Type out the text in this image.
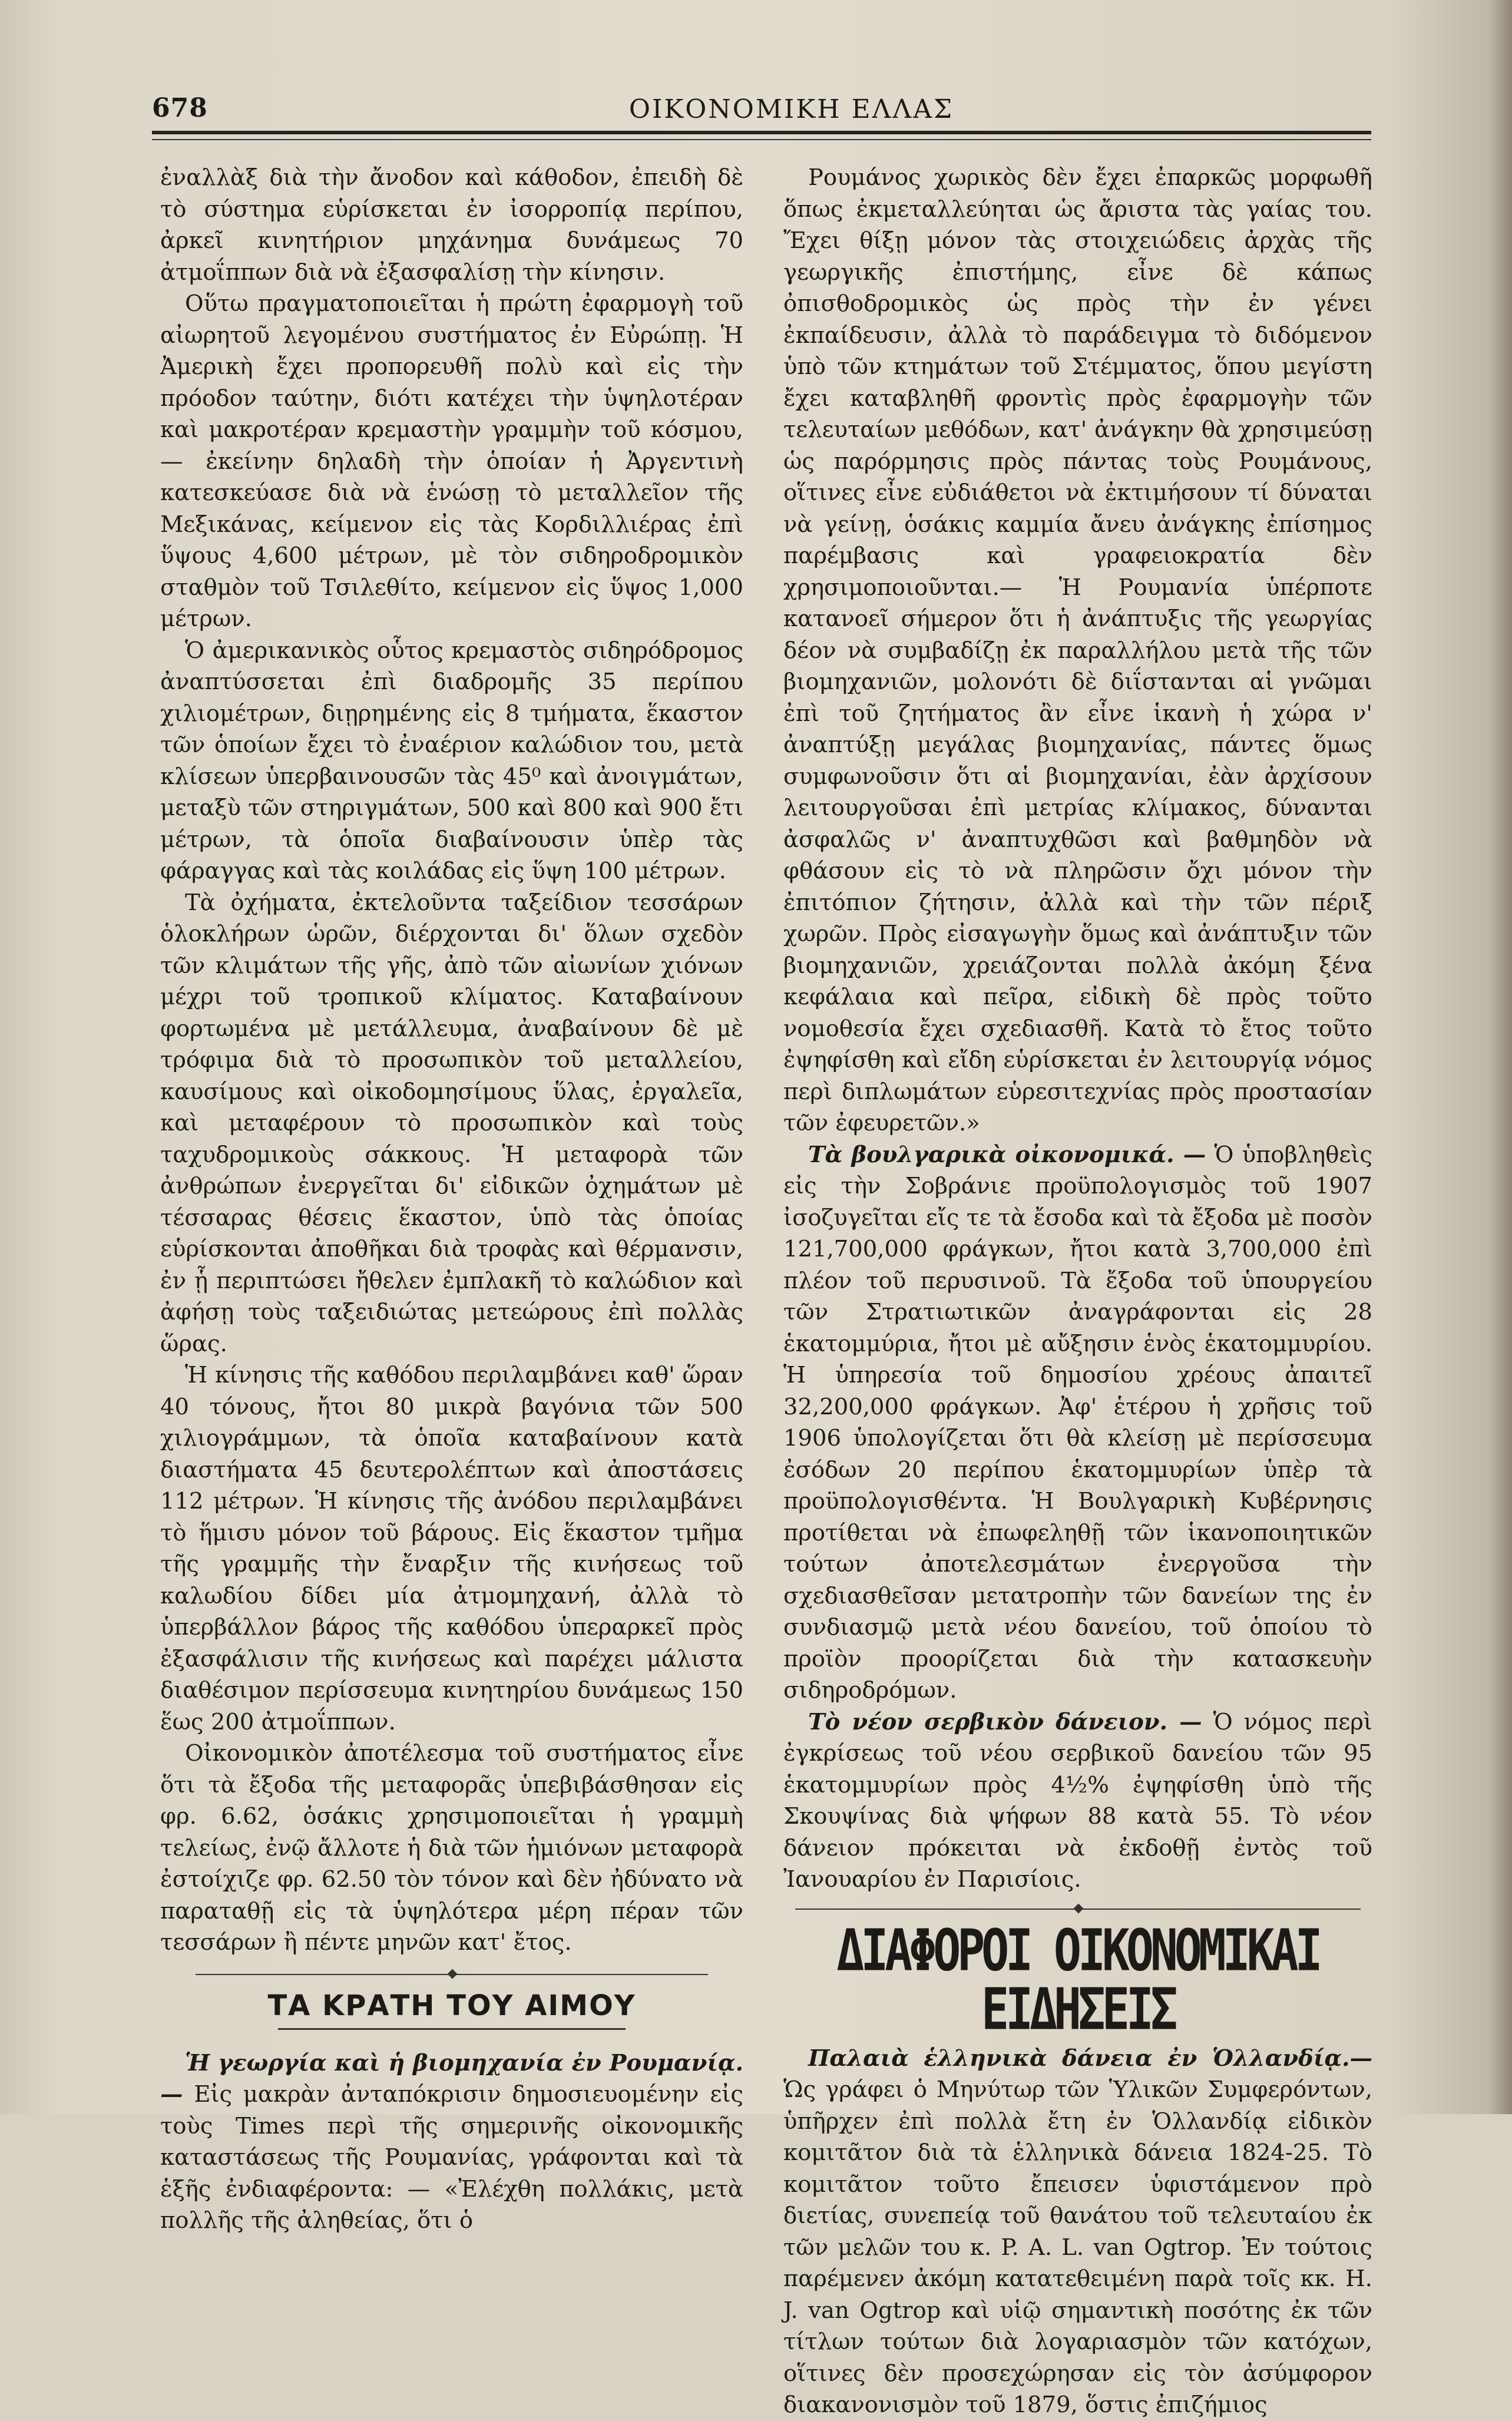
678	ΟΙΚΟΝΟΜΙΚΗ ΕΛΛΑΣ

ἐναλλὰξ διὰ τὴν ἄνοδον καὶ κάθοδον, ἐπειδὴ δὲ τὸ σύστημα εὑρίσκεται ἐν ἰσορροπίᾳ περίπου, ἀρκεῖ κινητήριον μηχάνημα δυνάμεως 70 ἀτμοΐππων διὰ νὰ ἐξασφαλίσῃ τὴν κίνησιν.

Οὕτω πραγματοποιεῖται ἡ πρώτη ἐφαρμογὴ τοῦ αἰωρητοῦ λεγομένου συστήματος ἐν Εὐρώπῃ. Ἡ Ἀμερικὴ ἔχει προπορευθῆ πολὺ καὶ εἰς τὴν πρόοδον ταύτην, διότι κατέχει τὴν ὑψηλοτέραν καὶ μακροτέραν κρεμαστὴν γραμμὴν τοῦ κόσμου,— ἐκείνην δηλαδὴ τὴν ὁποίαν ἡ Ἀργεντινὴ κατεσκεύασε διὰ νὰ ἑνώσῃ τὸ μεταλλεῖον τῆς Μεξικάνας, κείμενον εἰς τὰς Κορδιλλιέρας ἐπὶ ὕψους 4,600 μέτρων, μὲ τὸν σιδηροδρομικὸν σταθμὸν τοῦ Τσιλεθίτο, κείμενον εἰς ὕψος 1,000 μέτρων.

Ὁ ἀμερικανικὸς οὗτος κρεμαστὸς σιδηρόδρομος ἀναπτύσσεται ἐπὶ διαδρομῆς 35 περίπου χιλιομέτρων, διῃρημένης εἰς 8 τμήματα, ἕκαστον τῶν ὁποίων ἔχει τὸ ἐναέριον καλώδιον του, μετὰ κλίσεων ὑπερβαινουσῶν τὰς 45⁰ καὶ ἀνοιγμάτων, μεταξὺ τῶν στηριγμάτων, 500 καὶ 800 καὶ 900 ἔτι μέτρων, τὰ ὁποῖα διαβαίνουσιν ὑπὲρ τὰς φάραγγας καὶ τὰς κοιλάδας εἰς ὕψη 100 μέτρων.

Τὰ ὀχήματα, ἐκτελοῦντα ταξείδιον τεσσάρων ὁλοκλήρων ὡρῶν, διέρχονται δι' ὅλων σχεδὸν τῶν κλιμάτων τῆς γῆς, ἀπὸ τῶν αἰωνίων χιόνων μέχρι τοῦ τροπικοῦ κλίματος. Καταβαίνουν φορτωμένα μὲ μετάλλευμα, ἀναβαίνουν δὲ μὲ τρόφιμα διὰ τὸ προσωπικὸν τοῦ μεταλλείου, καυσίμους καὶ οἰκοδομησίμους ὕλας, ἐργαλεῖα, καὶ μεταφέρουν τὸ προσωπικὸν καὶ τοὺς ταχυδρομικοὺς σάκκους. Ἡ μεταφορὰ τῶν ἀνθρώπων ἐνεργεῖται δι' εἰδικῶν ὀχημάτων μὲ τέσσαρας θέσεις ἕκαστον, ὑπὸ τὰς ὁποίας εὑρίσκονται ἀποθῆκαι διὰ τροφὰς καὶ θέρμανσιν, ἐν ᾗ περιπτώσει ἤθελεν ἐμπλακῆ τὸ καλώδιον καὶ ἀφήσῃ τοὺς ταξειδιώτας μετεώρους ἐπὶ πολλὰς ὥρας.

Ἡ κίνησις τῆς καθόδου περιλαμβάνει καθ' ὥραν 40 τόνους, ἤτοι 80 μικρὰ βαγόνια τῶν 500 χιλιογράμμων, τὰ ὁποῖα καταβαίνουν κατὰ διαστήματα 45 δευτερολέπτων καὶ ἀποστάσεις 112 μέτρων. Ἡ κίνησις τῆς ἀνόδου περιλαμβάνει τὸ ἥμισυ μόνον τοῦ βάρους. Εἰς ἕκαστον τμῆμα τῆς γραμμῆς τὴν ἔναρξιν τῆς κινήσεως τοῦ καλωδίου δίδει μία ἀτμομηχανή, ἀλλὰ τὸ ὑπερβάλλον βάρος τῆς καθόδου ὑπεραρκεῖ πρὸς ἐξασφάλισιν τῆς κινήσεως καὶ παρέχει μάλιστα διαθέσιμον περίσσευμα κινητηρίου δυνάμεως 150 ἕως 200 ἀτμοΐππων.

Οἰκονομικὸν ἀποτέλεσμα τοῦ συστήματος εἶνε ὅτι τὰ ἔξοδα τῆς μεταφορᾶς ὑπεβιβάσθησαν εἰς φρ. 6.62, ὁσάκις χρησιμοποιεῖται ἡ γραμμὴ τελείως, ἐνῷ ἄλλοτε ἡ διὰ τῶν ἡμιόνων μεταφορὰ ἐστοίχιζε φρ. 62.50 τὸν τόνον καὶ δὲν ἠδύνατο νὰ παραταθῇ εἰς τὰ ὑψηλότερα μέρη πέραν τῶν τεσσάρων ἢ πέντε μηνῶν κατ' ἔτος.

ΤΑ ΚΡΑΤΗ ΤΟΥ ΑΙΜΟΥ

Ἡ γεωργία καὶ ἡ βιομηχανία ἐν Ρουμανίᾳ.— Εἰς μακρὰν ἀνταπόκρισιν δημοσιευομένην εἰς τοὺς Times περὶ τῆς σημερινῆς οἰκονομικῆς καταστάσεως τῆς Ρουμανίας, γράφονται καὶ τὰ ἑξῆς ἐνδιαφέροντα: — «Ἐλέχθη πολλάκις, μετὰ πολλῆς τῆς ἀληθείας, ὅτι ὁ

Ρουμάνος χωρικὸς δὲν ἔχει ἐπαρκῶς μορφωθῆ ὅπως ἐκμεταλλεύηται ὡς ἄριστα τὰς γαίας του. Ἔχει θίξῃ μόνον τὰς στοιχειώδεις ἀρχὰς τῆς γεωργικῆς ἐπιστήμης, εἶνε δὲ κάπως ὀπισθοδρομικὸς ὡς πρὸς τὴν ἐν γένει ἐκπαίδευσιν, ἀλλὰ τὸ παράδειγμα τὸ διδόμενον ὑπὸ τῶν κτημάτων τοῦ Στέμματος, ὅπου μεγίστη ἔχει καταβληθῆ φροντὶς πρὸς ἐφαρμογὴν τῶν τελευταίων μεθόδων, κατ' ἀνάγκην θὰ χρησιμεύσῃ ὡς παρόρμησις πρὸς πάντας τοὺς Ρουμάνους, οἵτινες εἶνε εὐδιάθετοι νὰ ἐκτιμήσουν τί δύναται νὰ γείνῃ, ὁσάκις καμμία ἄνευ ἀνάγκης ἐπίσημος παρέμβασις καὶ γραφειοκρατία δὲν χρησιμοποιοῦνται.— Ἡ Ρουμανία ὑπέρποτε κατανοεῖ σήμερον ὅτι ἡ ἀνάπτυξις τῆς γεωργίας δέον νὰ συμβαδίζῃ ἐκ παραλλήλου μετὰ τῆς τῶν βιομηχανιῶν, μολονότι δὲ διΐστανται αἱ γνῶμαι ἐπὶ τοῦ ζητήματος ἂν εἶνε ἱκανὴ ἡ χώρα ν' ἀναπτύξῃ μεγάλας βιομηχανίας, πάντες ὅμως συμφωνοῦσιν ὅτι αἱ βιομηχανίαι, ἐὰν ἀρχίσουν λειτουργοῦσαι ἐπὶ μετρίας κλίμακος, δύνανται ἀσφαλῶς ν' ἀναπτυχθῶσι καὶ βαθμηδὸν νὰ φθάσουν εἰς τὸ νὰ πληρῶσιν ὄχι μόνον τὴν ἐπιτόπιον ζήτησιν, ἀλλὰ καὶ τὴν τῶν πέριξ χωρῶν. Πρὸς εἰσαγωγὴν ὅμως καὶ ἀνάπτυξιν τῶν βιομηχανιῶν, χρειάζονται πολλὰ ἀκόμη ξένα κεφάλαια καὶ πεῖρα, εἰδικὴ δὲ πρὸς τοῦτο νομοθεσία ἔχει σχεδιασθῆ. Κατὰ τὸ ἔτος τοῦτο ἐψηφίσθη καὶ εἴδη εὑρίσκεται ἐν λειτουργίᾳ νόμος περὶ διπλωμάτων εὑρεσιτεχνίας πρὸς προστασίαν τῶν ἐφευρετῶν.»

Τὰ βουλγαρικὰ οἰκονομικά. — Ὁ ὑποβληθεὶς εἰς τὴν Σοβράνιε προϋπολογισμὸς τοῦ 1907 ἰσοζυγεῖται εἴς τε τὰ ἔσοδα καὶ τὰ ἔξοδα μὲ ποσὸν 121,700,000 φράγκων, ἤτοι κατὰ 3,700,000 ἐπὶ πλέον τοῦ περυσινοῦ. Τὰ ἔξοδα τοῦ ὑπουργείου τῶν Στρατιωτικῶν ἀναγράφονται εἰς 28 ἑκατομμύρια, ἤτοι μὲ αὔξησιν ἑνὸς ἑκατομμυρίου. Ἡ ὑπηρεσία τοῦ δημοσίου χρέους ἀπαιτεῖ 32,200,000 φράγκων. Ἀφ' ἑτέρου ἡ χρῆσις τοῦ 1906 ὑπολογίζεται ὅτι θὰ κλείσῃ μὲ περίσσευμα ἐσόδων 20 περίπου ἑκατομμυρίων ὑπὲρ τὰ προϋπολογισθέντα. Ἡ Βουλγαρικὴ Κυβέρνησις προτίθεται νὰ ἐπωφεληθῇ τῶν ἱκανοποιητικῶν τούτων ἀποτελεσμάτων ἐνεργοῦσα τὴν σχεδιασθεῖσαν μετατροπὴν τῶν δανείων της ἐν συνδιασμῷ μετὰ νέου δανείου, τοῦ ὁποίου τὸ προϊὸν προορίζεται διὰ τὴν κατασκευὴν σιδηροδρόμων.

Τὸ νέον σερβικὸν δάνειον. — Ὁ νόμος περὶ ἐγκρίσεως τοῦ νέου σερβικοῦ δανείου τῶν 95 ἑκατομμυρίων πρὸς 4½% ἐψηφίσθη ὑπὸ τῆς Σκουψίνας διὰ ψήφων 88 κατὰ 55. Τὸ νέον δάνειον πρόκειται νὰ ἐκδοθῇ ἐντὸς τοῦ Ἰανουαρίου ἐν Παρισίοις.

ΔΙΑΦΟΡΟΙ ΟΙΚΟΝΟΜΙΚΑΙ ΕΙΔΗΣΕΙΣ

Παλαιὰ ἑλληνικὰ δάνεια ἐν Ὁλλανδίᾳ.— Ὡς γράφει ὁ Μηνύτωρ τῶν Ὑλικῶν Συμφερόντων, ὑπῆρχεν ἐπὶ πολλὰ ἔτη ἐν Ὁλλανδίᾳ εἰδικὸν κομιτᾶτον διὰ τὰ ἑλληνικὰ δάνεια 1824-25. Τὸ κομιτᾶτον τοῦτο ἔπεισεν ὑφιστάμενον πρὸ διετίας, συνεπείᾳ τοῦ θανάτου τοῦ τελευταίου ἐκ τῶν μελῶν του κ. P. A. L. van Ogtrop. Ἐν τούτοις παρέμενεν ἀκόμη κατατεθειμένη παρὰ τοῖς κκ. H. J. van Ogtrop καὶ υἱῷ σημαντικὴ ποσότης ἐκ τῶν τίτλων τούτων διὰ λογαριασμὸν τῶν κατόχων, οἵτινες δὲν προσεχώρησαν εἰς τὸν ἀσύμφορον διακανονισμὸν τοῦ 1879, ὅστις ἐπιζήμιος
